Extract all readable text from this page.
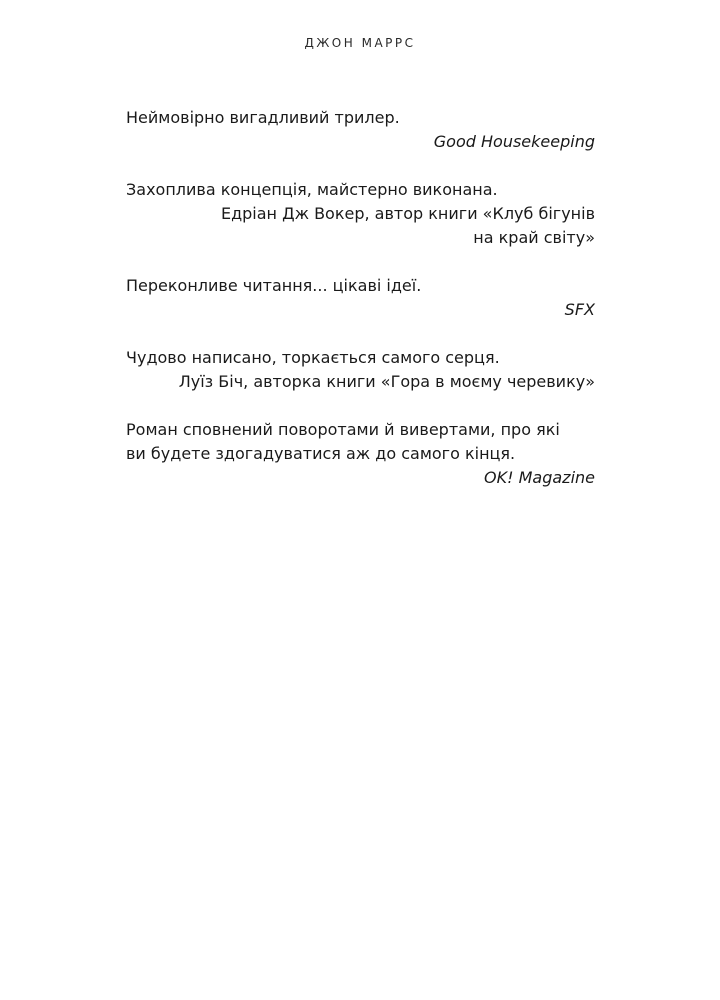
ДЖОН МАРРС

Неймовірно вигадливий трилер.

Good Housekeeping

Захоплива концепція, майстерно виконана.

Едріан Дж Вокер, автор книги «Клуб бігунів

на край світу»

Переконливе читання... цікаві ідеї.

SFX

Чудово написано, торкається самого серця.

Луїз Біч, авторка книги «Гора в моєму черевику»

Роман сповнений поворотами й вивертами, про які

ви будете здогадуватися аж до самого кінця.

OK! Magazine
